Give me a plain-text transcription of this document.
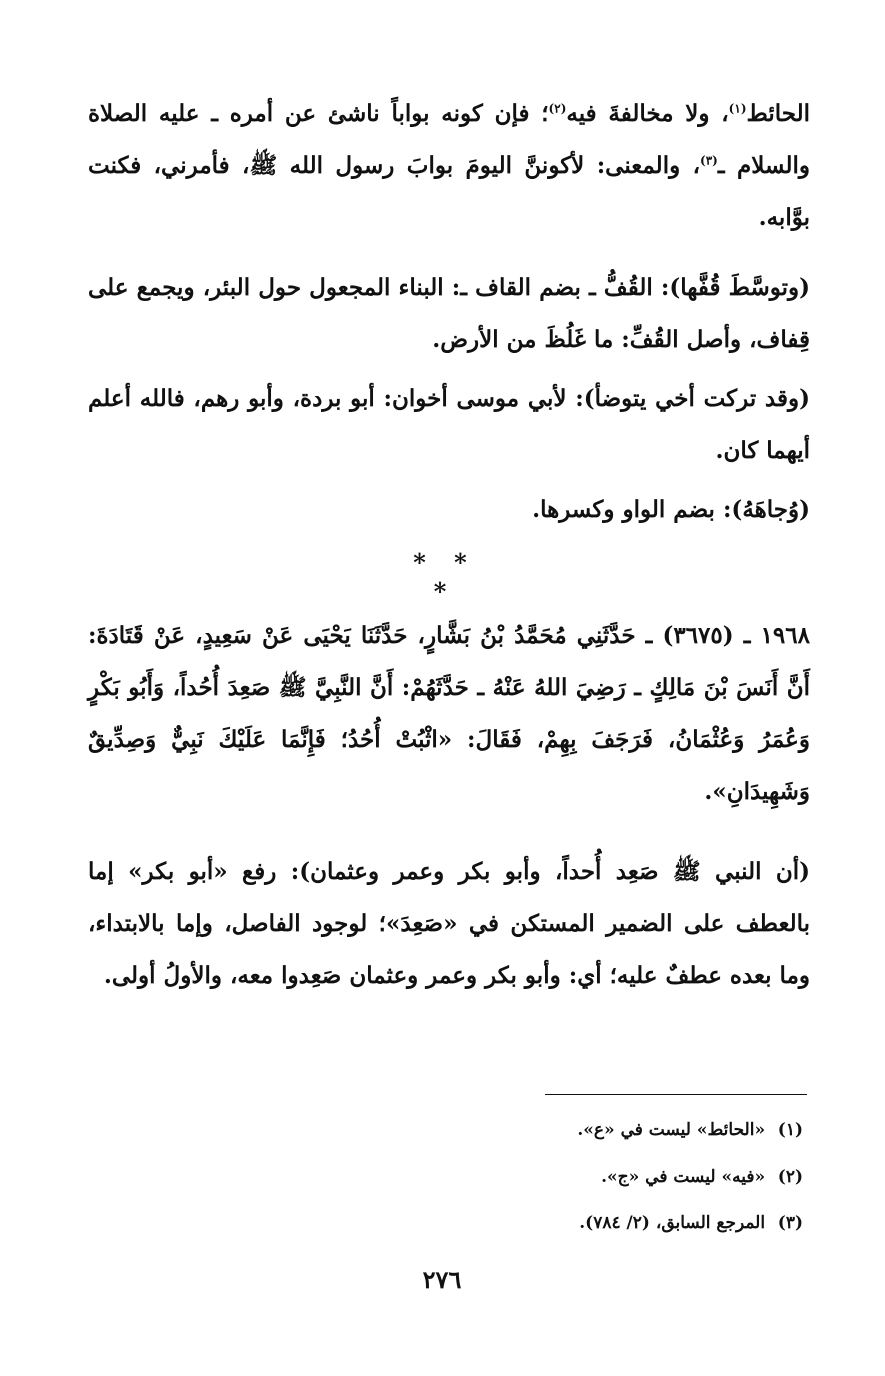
الحائط$^{(١)}$، ولا مخالفةَ فيه$^{(٢)}$؛ فإن كونه بواباً ناشئ عن أمره ـ عليه الصلاة والسلام ـ$^{(٣)}$، والمعنى: لأكوننَّ اليومَ بوابَ رسول الله ﷺ، فأمرني، فكنت بوَّابه.

(وتوسَّطَ قُفَّها): القُفُّ ـ بضم القاف ـ: البناء المجعول حول البئر، ويجمع على قِفاف، وأصل القُفِّ: ما غَلُظَ من الأرض.

(وقد تركت أخي يتوضأ): لأبي موسى أخوان: أبو بردة، وأبو رهم، فالله أعلم أيهما كان.

(وُجاهَهُ): بضم الواو وكسرها.

* * *

١٩٦٨ ـ (٣٦٧٥) ـ حَدَّثَنِي مُحَمَّدُ بْنُ بَشَّارٍ، حَدَّثَنَا يَحْيَى عَنْ سَعِيدٍ، عَنْ قَتَادَةَ: أَنَّ أَنَسَ بْنَ مَالِكٍ ـ رَضِيَ اللهُ عَنْهُ ـ حَدَّثَهُمْ: أَنَّ النَّبِيَّ ﷺ صَعِدَ أُحُداً، وَأَبُو بَكْرٍ وَعُمَرُ وَعُثْمَانُ، فَرَجَفَ بِهِمْ، فَقَالَ: «اثْبُتْ أُحُدُ؛ فَإِنَّمَا عَلَيْكَ نَبِيٌّ وَصِدِّيقٌ وَشَهِيدَانِ».

(أن النبي ﷺ صَعِد أُحداً، وأبو بكر وعمر وعثمان): رفع «أبو بكر» إما بالعطف على الضمير المستكن في «صَعِدَ»؛ لوجود الفاصل، وإما بالابتداء، وما بعده عطفٌ عليه؛ أي: وأبو بكر وعمر وعثمان صَعِدوا معه، والأولُ أولى.

(١) «الحائط» ليست في «ع».

(٢) «فيه» ليست في «ج».

(٣) المرجع السابق، (٢/ ٧٨٤).

٢٧٦
